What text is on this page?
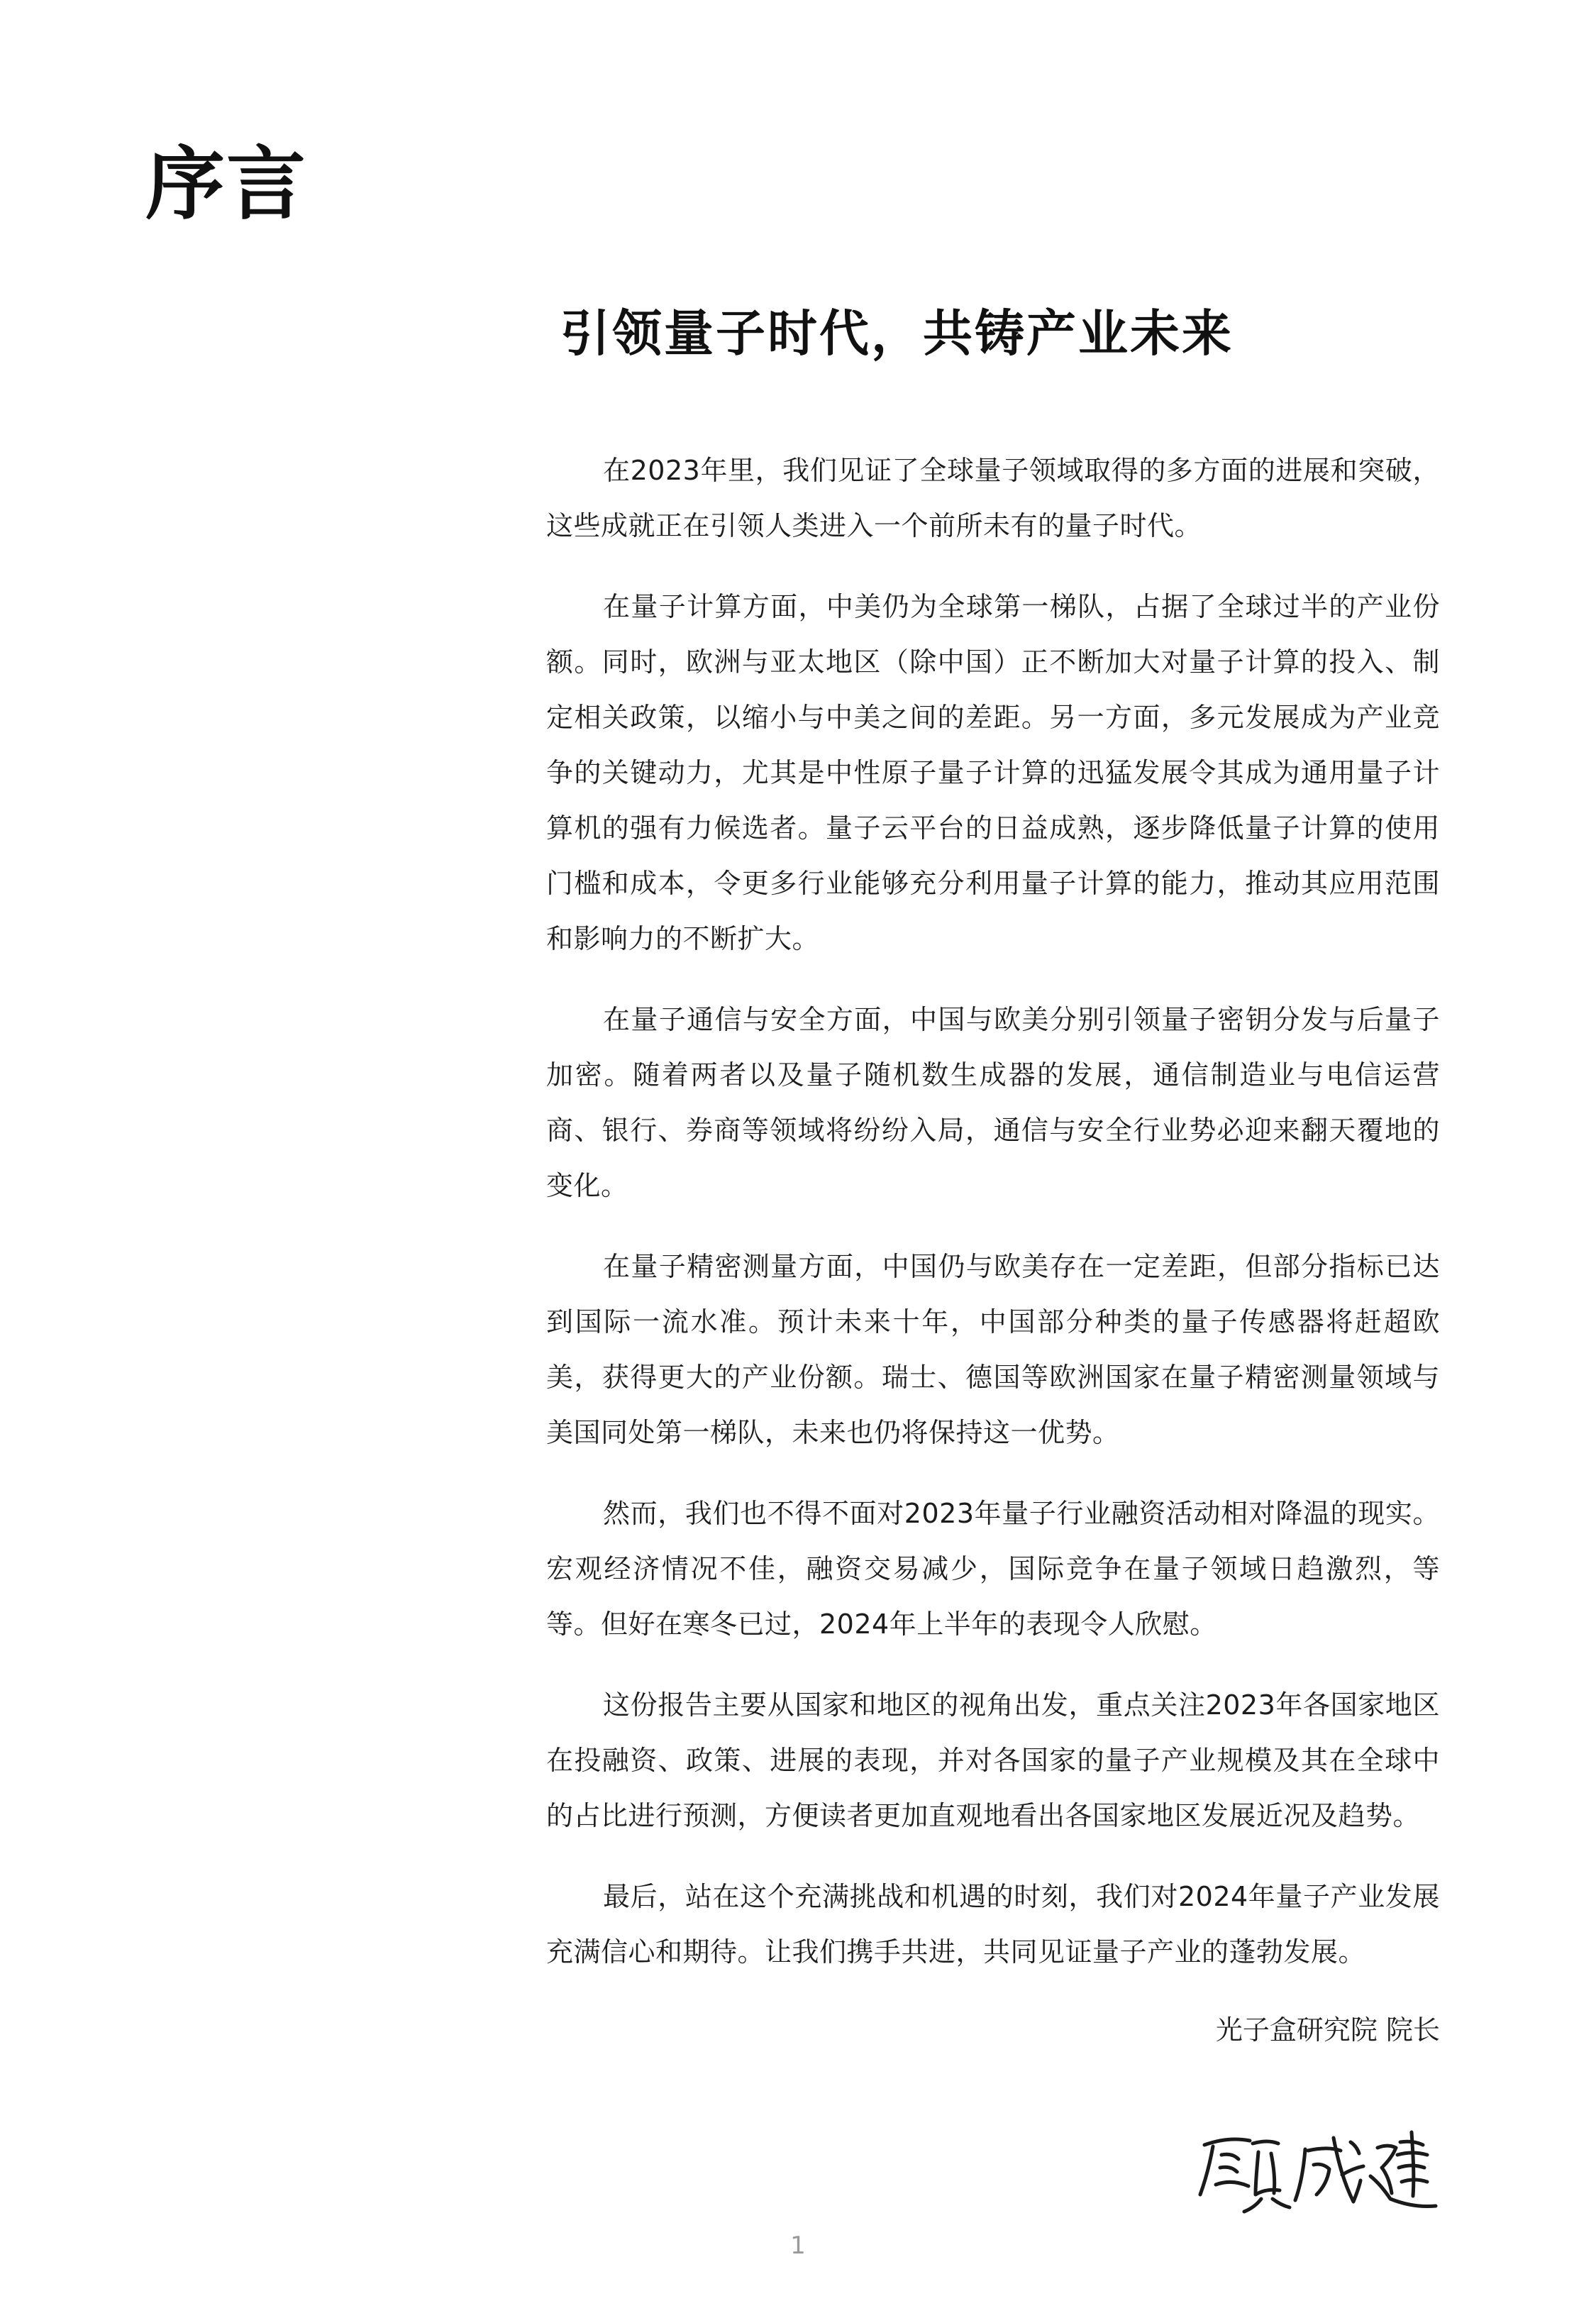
序言
引领量子时代，共铸产业未来

在2023年里，我们见证了全球量子领域取得的多方面的进展和突破，这些成就正在引领人类进入一个前所未有的量子时代。

在量子计算方面，中美仍为全球第一梯队，占据了全球过半的产业份额。同时，欧洲与亚太地区（除中国）正不断加大对量子计算的投入、制定相关政策，以缩小与中美之间的差距。另一方面，多元发展成为产业竞争的关键动力，尤其是中性原子量子计算的迅猛发展令其成为通用量子计算机的强有力候选者。量子云平台的日益成熟，逐步降低量子计算的使用门槛和成本，令更多行业能够充分利用量子计算的能力，推动其应用范围和影响力的不断扩大。

在量子通信与安全方面，中国与欧美分别引领量子密钥分发与后量子加密。随着两者以及量子随机数生成器的发展，通信制造业与电信运营商、银行、券商等领域将纷纷入局，通信与安全行业势必迎来翻天覆地的变化。

在量子精密测量方面，中国仍与欧美存在一定差距，但部分指标已达到国际一流水准。预计未来十年，中国部分种类的量子传感器将赶超欧美，获得更大的产业份额。瑞士、德国等欧洲国家在量子精密测量领域与美国同处第一梯队，未来也仍将保持这一优势。

然而，我们也不得不面对2023年量子行业融资活动相对降温的现实。宏观经济情况不佳，融资交易减少，国际竞争在量子领域日趋激烈，等等。但好在寒冬已过，2024年上半年的表现令人欣慰。

这份报告主要从国家和地区的视角出发，重点关注2023年各国家地区在投融资、政策、进展的表现，并对各国家的量子产业规模及其在全球中的占比进行预测，方便读者更加直观地看出各国家地区发展近况及趋势。

最后，站在这个充满挑战和机遇的时刻，我们对2024年量子产业发展充满信心和期待。让我们携手共进，共同见证量子产业的蓬勃发展。

光子盒研究院 院长
1
